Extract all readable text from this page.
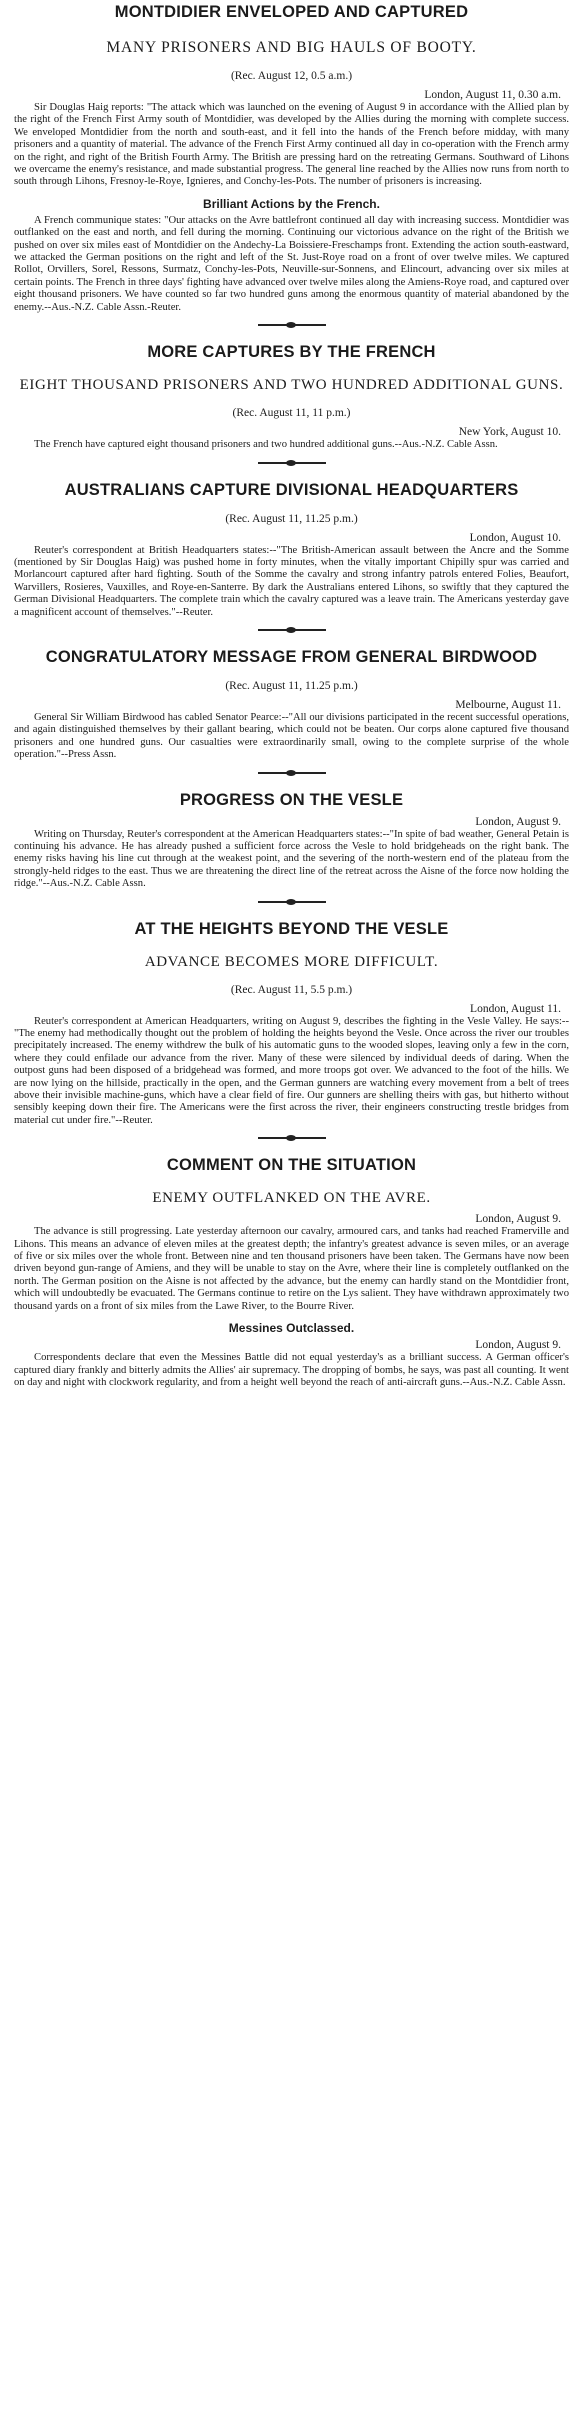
MONTDIDIER ENVELOPED AND CAPTURED
MANY PRISONERS AND BIG HAULS OF BOOTY.
(Rec. August 12, 0.5 a.m.)
London, August 11, 0.30 a.m.

Sir Douglas Haig reports: "The attack which was launched on the evening of August 9 in accordance with the Allied plan by the right of the French First Army south of Montdidier, was developed by the Allies during the morning with complete success. We enveloped Montdidier from the north and south-east, and it fell into the hands of the French before midday, with many prisoners and a quantity of material. The advance of the French First Army continued all day in co-operation with the French army on the right, and right of the British Fourth Army. The British are pressing hard on the retreating Germans. Southward of Lihons we overcame the enemy's resistance, and made substantial progress. The general line reached by the Allies now runs from north to south through Lihons, Fresnoy-le-Roye, Ignieres, and Conchy-les-Pots. The number of prisoners is increasing.

Brilliant Actions by the French.

A French communique states: "Our attacks on the Avre battlefront continued all day with increasing success. Montdidier was outflanked on the east and north, and fell during the morning. Continuing our victorious advance on the right of the British we pushed on over six miles east of Montdidier on the Andechy-La Boissiere-Freschamps front. Extending the action south-eastward, we attacked the German positions on the right and left of the St. Just-Roye road on a front of over twelve miles. We captured Rollot, Orvillers, Sorel, Ressons, Surmatz, Conchy-les-Pots, Neuville-sur-Sonnens, and Elincourt, advancing over six miles at certain points. The French in three days' fighting have advanced over twelve miles along the Amiens-Roye road, and captured over eight thousand prisoners. We have counted so far two hundred guns among the enormous quantity of material abandoned by the enemy.--Aus.-N.Z. Cable Assn.-Reuter.

MORE CAPTURES BY THE FRENCH
EIGHT THOUSAND PRISONERS AND TWO HUNDRED ADDITIONAL GUNS.
(Rec. August 11, 11 p.m.)
New York, August 10.

The French have captured eight thousand prisoners and two hundred additional guns.--Aus.-N.Z. Cable Assn.

AUSTRALIANS CAPTURE DIVISIONAL HEADQUARTERS
(Rec. August 11, 11.25 p.m.)
London, August 10.

Reuter's correspondent at British Headquarters states:--"The British-American assault between the Ancre and the Somme (mentioned by Sir Douglas Haig) was pushed home in forty minutes, when the vitally important Chipilly spur was carried and Morlancourt captured after hard fighting. South of the Somme the cavalry and strong infantry patrols entered Folies, Beaufort, Warvillers, Rosieres, Vauxilles, and Roye-en-Santerre. By dark the Australians entered Lihons, so swiftly that they captured the German Divisional Headquarters. The complete train which the cavalry captured was a leave train. The Americans yesterday gave a magnificent account of themselves."--Reuter.

CONGRATULATORY MESSAGE FROM GENERAL BIRDWOOD
(Rec. August 11, 11.25 p.m.)
Melbourne, August 11.

General Sir William Birdwood has cabled Senator Pearce:--"All our divisions participated in the recent successful operations, and again distinguished themselves by their gallant bearing, which could not be beaten. Our corps alone captured five thousand prisoners and one hundred guns. Our casualties were extraordinarily small, owing to the complete surprise of the whole operation."--Press Assn.

PROGRESS ON THE VESLE
London, August 9.

Writing on Thursday, Reuter's correspondent at the American Headquarters states:--"In spite of bad weather, General Petain is continuing his advance. He has already pushed a sufficient force across the Vesle to hold bridgeheads on the right bank. The enemy risks having his line cut through at the weakest point, and the severing of the north-western end of the plateau from the strongly-held ridges to the east. Thus we are threatening the direct line of the retreat across the Aisne of the force now holding the ridge."--Aus.-N.Z. Cable Assn.

AT THE HEIGHTS BEYOND THE VESLE
ADVANCE BECOMES MORE DIFFICULT.
(Rec. August 11, 5.5 p.m.)
London, August 11.

Reuter's correspondent at American Headquarters, writing on August 9, describes the fighting in the Vesle Valley. He says:--"The enemy had methodically thought out the problem of holding the heights beyond the Vesle. Once across the river our troubles precipitately increased. The enemy withdrew the bulk of his automatic guns to the wooded slopes, leaving only a few in the corn, where they could enfilade our advance from the river. Many of these were silenced by individual deeds of daring. When the outpost guns had been disposed of a bridgehead was formed, and more troops got over. We advanced to the foot of the hills. We are now lying on the hillside, practically in the open, and the German gunners are watching every movement from a belt of trees above their invisible machine-guns, which have a clear field of fire. Our gunners are shelling theirs with gas, but hitherto without sensibly keeping down their fire. The Americans were the first across the river, their engineers constructing trestle bridges from material cut under fire."--Reuter.

COMMENT ON THE SITUATION
ENEMY OUTFLANKED ON THE AVRE.
London, August 9.

The advance is still progressing. Late yesterday afternoon our cavalry, armoured cars, and tanks had reached Framerville and Lihons. This means an advance of eleven miles at the greatest depth; the infantry's greatest advance is seven miles, or an average of five or six miles over the whole front. Between nine and ten thousand prisoners have been taken. The Germans have now been driven beyond gun-range of Amiens, and they will be unable to stay on the Avre, where their line is completely outflanked on the north. The German position on the Aisne is not affected by the advance, but the enemy can hardly stand on the Montdidier front, which will undoubtedly be evacuated. The Germans continue to retire on the Lys salient. They have withdrawn approximately two thousand yards on a front of six miles from the Lawe River, to the Bourre River.

Messines Outclassed.
London, August 9.

Correspondents declare that even the Messines Battle did not equal yesterday's as a brilliant success. A German officer's captured diary frankly and bitterly admits the Allies' air supremacy. The dropping of bombs, he says, was past all counting. It went on day and night with clockwork regularity, and from a height well beyond the reach of anti-aircraft guns.--Aus.-N.Z. Cable Assn.
